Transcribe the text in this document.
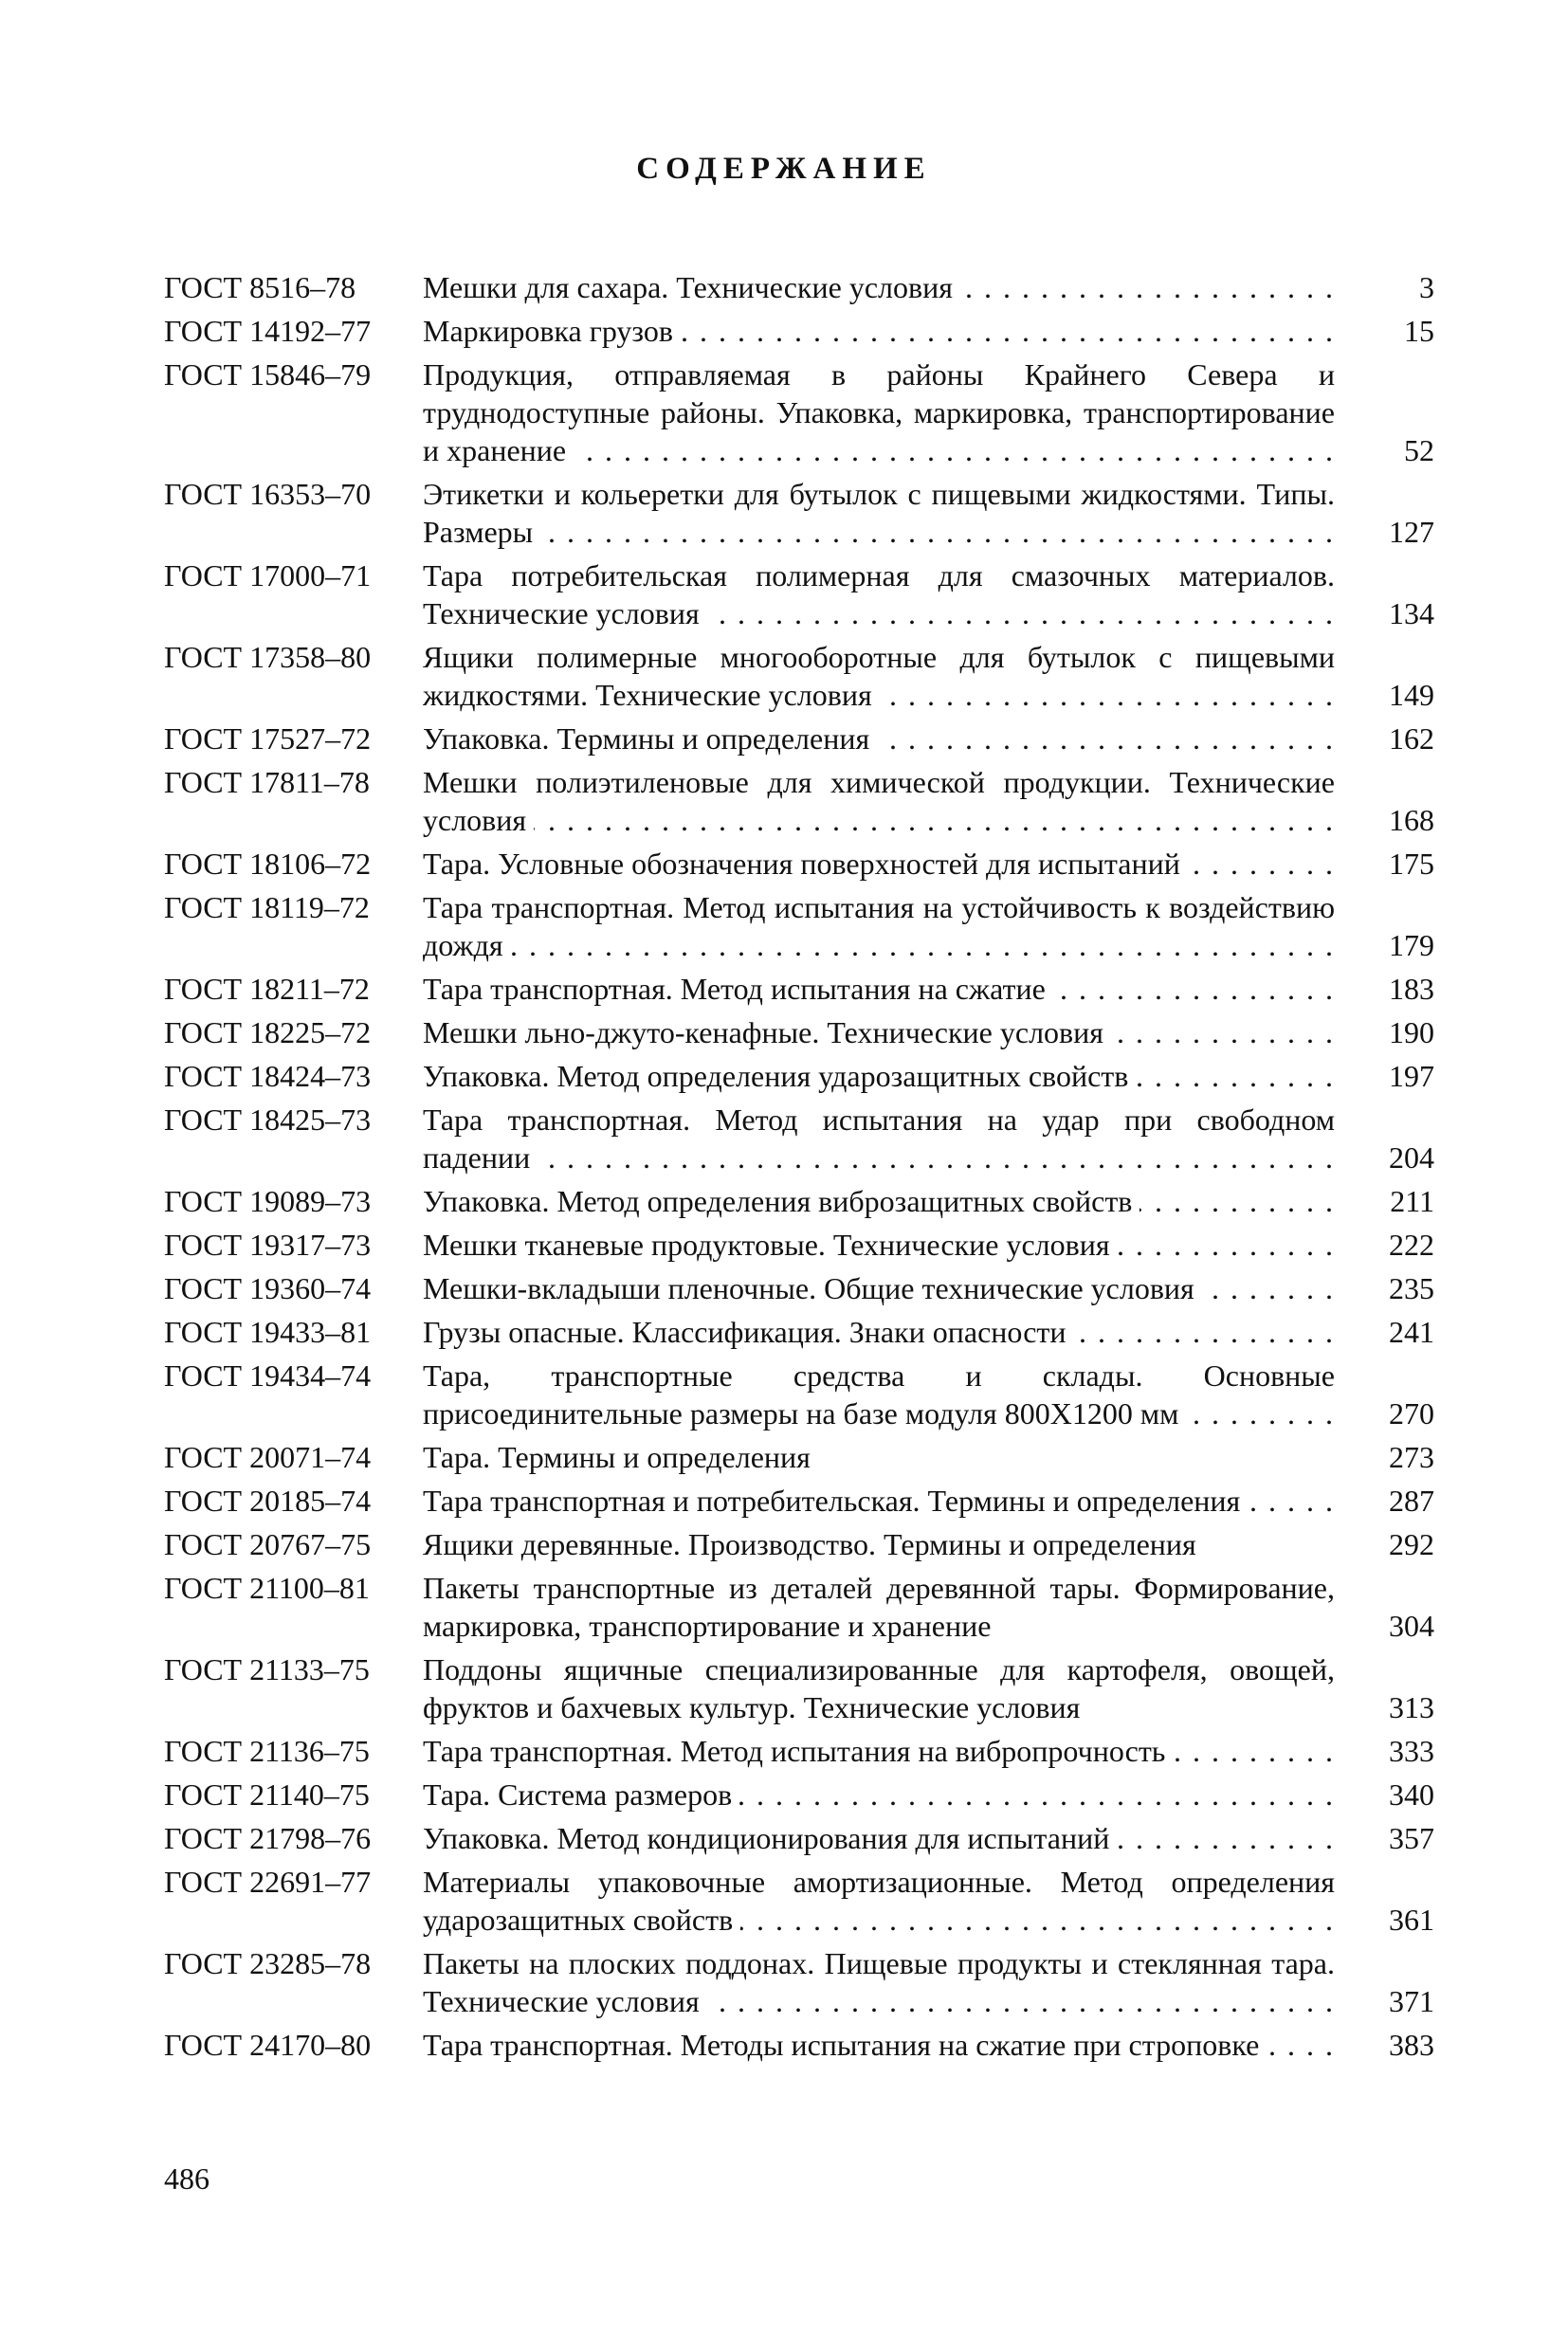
СОДЕРЖАНИЕ
ГОСТ 8516–78	Мешки для сахара. Технические условия . . .	3
ГОСТ 14192–77	Маркировка грузов . . .	15
ГОСТ 15846–79	Продукция, отправляемая в районы Крайнего Севера и труднодоступные районы. Упаковка, маркировка, транспортирование и хранение . . .	52
ГОСТ 16353–70	Этикетки и кольеретки для бутылок с пищевыми жидкостями. Типы. Размеры . . .	127
ГОСТ 17000–71	Тара потребительская полимерная для смазочных материалов. Технические условия . . .	134
ГОСТ 17358–80	Ящики полимерные многооборотные для бутылок с пищевыми жидкостями. Технические условия . . .	149
ГОСТ 17527–72	Упаковка. Термины и определения . . .	162
ГОСТ 17811–78	Мешки полиэтиленовые для химической продукции. Технические условия . . .	168
ГОСТ 18106–72	Тара. Условные обозначения поверхностей для испытаний . . .	175
ГОСТ 18119–72	Тара транспортная. Метод испытания на устойчивость к воздействию дождя . . .	179
ГОСТ 18211–72	Тара транспортная. Метод испытания на сжатие . . .	183
ГОСТ 18225–72	Мешки льно-джуто-кенафные. Технические условия . . .	190
ГОСТ 18424–73	Упаковка. Метод определения ударозащитных свойств . . .	197
ГОСТ 18425–73	Тара транспортная. Метод испытания на удар при свободном падении . . .	204
ГОСТ 19089–73	Упаковка. Метод определения виброзащитных свойств . . .	211
ГОСТ 19317–73	Мешки тканевые продуктовые. Технические условия . . .	222
ГОСТ 19360–74	Мешки-вкладыши пленочные. Общие технические условия . . .	235
ГОСТ 19433–81	Грузы опасные. Классификация. Знаки опасности . . .	241
ГОСТ 19434–74	Тара, транспортные средства и склады. Основные присоединительные размеры на базе модуля 800Х1200 мм . . .	270
ГОСТ 20071–74	Тара. Термины и определения	273
ГОСТ 20185–74	Тара транспортная и потребительская. Термины и определения . . .	287
ГОСТ 20767–75	Ящики деревянные. Производство. Термины и определения	292
ГОСТ 21100–81	Пакеты транспортные из деталей деревянной тары. Формирование, маркировка, транспортирование и хранение	304
ГОСТ 21133–75	Поддоны ящичные специализированные для картофеля, овощей, фруктов и бахчевых культур. Технические условия	313
ГОСТ 21136–75	Тара транспортная. Метод испытания на вибропрочность . . .	333
ГОСТ 21140–75	Тара. Система размеров . . .	340
ГОСТ 21798–76	Упаковка. Метод кондиционирования для испытаний . . .	357
ГОСТ 22691–77	Материалы упаковочные амортизационные. Метод определения ударозащитных свойств . . .	361
ГОСТ 23285–78	Пакеты на плоских поддонах. Пищевые продукты и стеклянная тара. Технические условия . . .	371
ГОСТ 24170–80	Тара транспортная. Методы испытания на сжатие при строповке . . .	383
486
